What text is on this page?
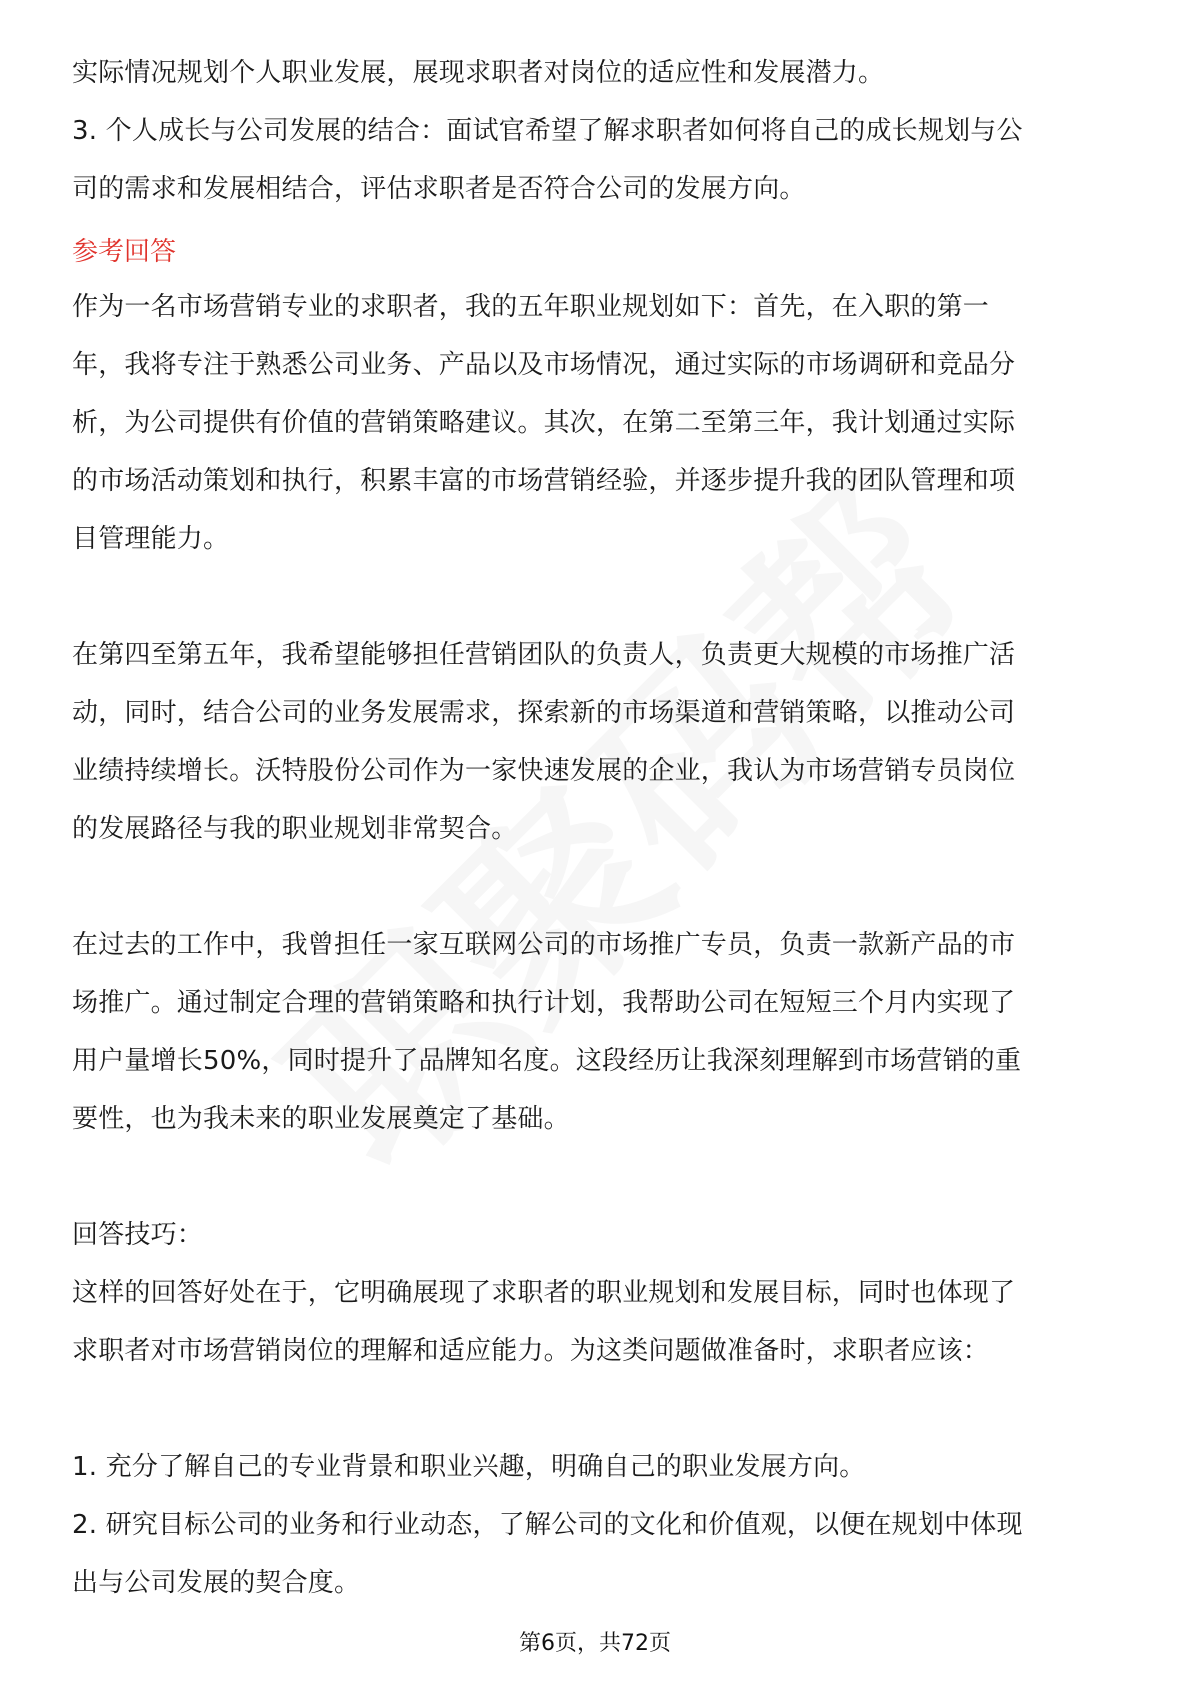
实际情况规划个人职业发展，展现求职者对岗位的适应性和发展潜力。
3. 个人成长与公司发展的结合：面试官希望了解求职者如何将自己的成长规划与公
司的需求和发展相结合，评估求职者是否符合公司的发展方向。
参考回答
作为一名市场营销专业的求职者，我的五年职业规划如下：首先，在入职的第一
年，我将专注于熟悉公司业务、产品以及市场情况，通过实际的市场调研和竞品分
析，为公司提供有价值的营销策略建议。其次，在第二至第三年，我计划通过实际
的市场活动策划和执行，积累丰富的市场营销经验，并逐步提升我的团队管理和项
目管理能力。
在第四至第五年，我希望能够担任营销团队的负责人，负责更大规模的市场推广活
动，同时，结合公司的业务发展需求，探索新的市场渠道和营销策略，以推动公司
业绩持续增长。沃特股份公司作为一家快速发展的企业，我认为市场营销专员岗位
的发展路径与我的职业规划非常契合。
在过去的工作中，我曾担任一家互联网公司的市场推广专员，负责一款新产品的市
场推广。通过制定合理的营销策略和执行计划，我帮助公司在短短三个月内实现了
用户量增长50%，同时提升了品牌知名度。这段经历让我深刻理解到市场营销的重
要性，也为我未来的职业发展奠定了基础。
回答技巧：
这样的回答好处在于，它明确展现了求职者的职业规划和发展目标，同时也体现了
求职者对市场营销岗位的理解和适应能力。为这类问题做准备时，求职者应该：
1. 充分了解自己的专业背景和职业兴趣，明确自己的职业发展方向。
2. 研究目标公司的业务和行业动态，了解公司的文化和价值观，以便在规划中体现
出与公司发展的契合度。
第6页，共72页
